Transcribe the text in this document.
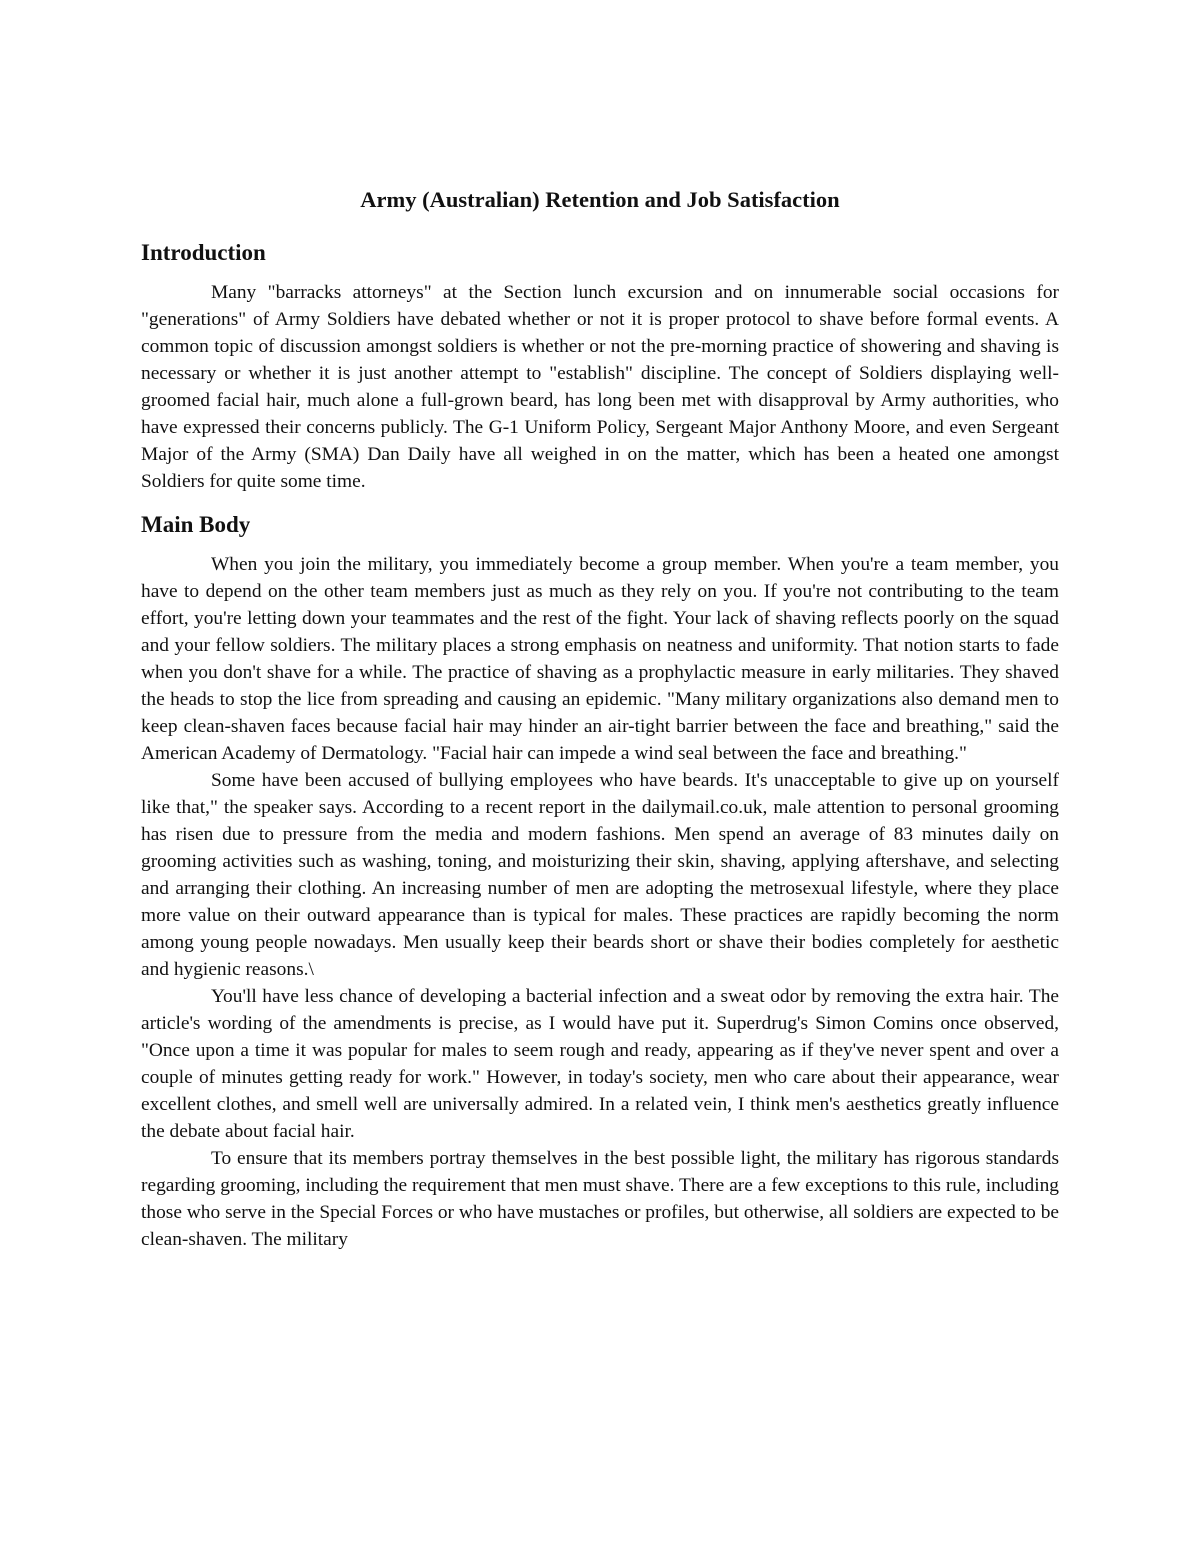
Army (Australian) Retention and Job Satisfaction
Introduction

Many "barracks attorneys" at the Section lunch excursion and on innumerable social occasions for "generations" of Army Soldiers have debated whether or not it is proper protocol to shave before formal events. A common topic of discussion amongst soldiers is whether or not the pre-morning practice of showering and shaving is necessary or whether it is just another attempt to "establish" discipline. The concept of Soldiers displaying well-groomed facial hair, much alone a full-grown beard, has long been met with disapproval by Army authorities, who have expressed their concerns publicly. The G-1 Uniform Policy, Sergeant Major Anthony Moore, and even Sergeant Major of the Army (SMA) Dan Daily have all weighed in on the matter, which has been a heated one amongst Soldiers for quite some time.

Main Body

When you join the military, you immediately become a group member. When you're a team member, you have to depend on the other team members just as much as they rely on you. If you're not contributing to the team effort, you're letting down your teammates and the rest of the fight. Your lack of shaving reflects poorly on the squad and your fellow soldiers. The military places a strong emphasis on neatness and uniformity. That notion starts to fade when you don't shave for a while. The practice of shaving as a prophylactic measure in early militaries. They shaved the heads to stop the lice from spreading and causing an epidemic. "Many military organizations also demand men to keep clean-shaven faces because facial hair may hinder an air-tight barrier between the face and breathing," said the American Academy of Dermatology. "Facial hair can impede a wind seal between the face and breathing."

Some have been accused of bullying employees who have beards. It's unacceptable to give up on yourself like that," the speaker says. According to a recent report in the dailymail.co.uk, male attention to personal grooming has risen due to pressure from the media and modern fashions. Men spend an average of 83 minutes daily on grooming activities such as washing, toning, and moisturizing their skin, shaving, applying aftershave, and selecting and arranging their clothing. An increasing number of men are adopting the metrosexual lifestyle, where they place more value on their outward appearance than is typical for males. These practices are rapidly becoming the norm among young people nowadays. Men usually keep their beards short or shave their bodies completely for aesthetic and hygienic reasons.\

You'll have less chance of developing a bacterial infection and a sweat odor by removing the extra hair. The article's wording of the amendments is precise, as I would have put it. Superdrug's Simon Comins once observed, "Once upon a time it was popular for males to seem rough and ready, appearing as if they've never spent and over a couple of minutes getting ready for work." However, in today's society, men who care about their appearance, wear excellent clothes, and smell well are universally admired. In a related vein, I think men's aesthetics greatly influence the debate about facial hair.

To ensure that its members portray themselves in the best possible light, the military has rigorous standards regarding grooming, including the requirement that men must shave. There are a few exceptions to this rule, including those who serve in the Special Forces or who have mustaches or profiles, but otherwise, all soldiers are expected to be clean-shaven. The military
